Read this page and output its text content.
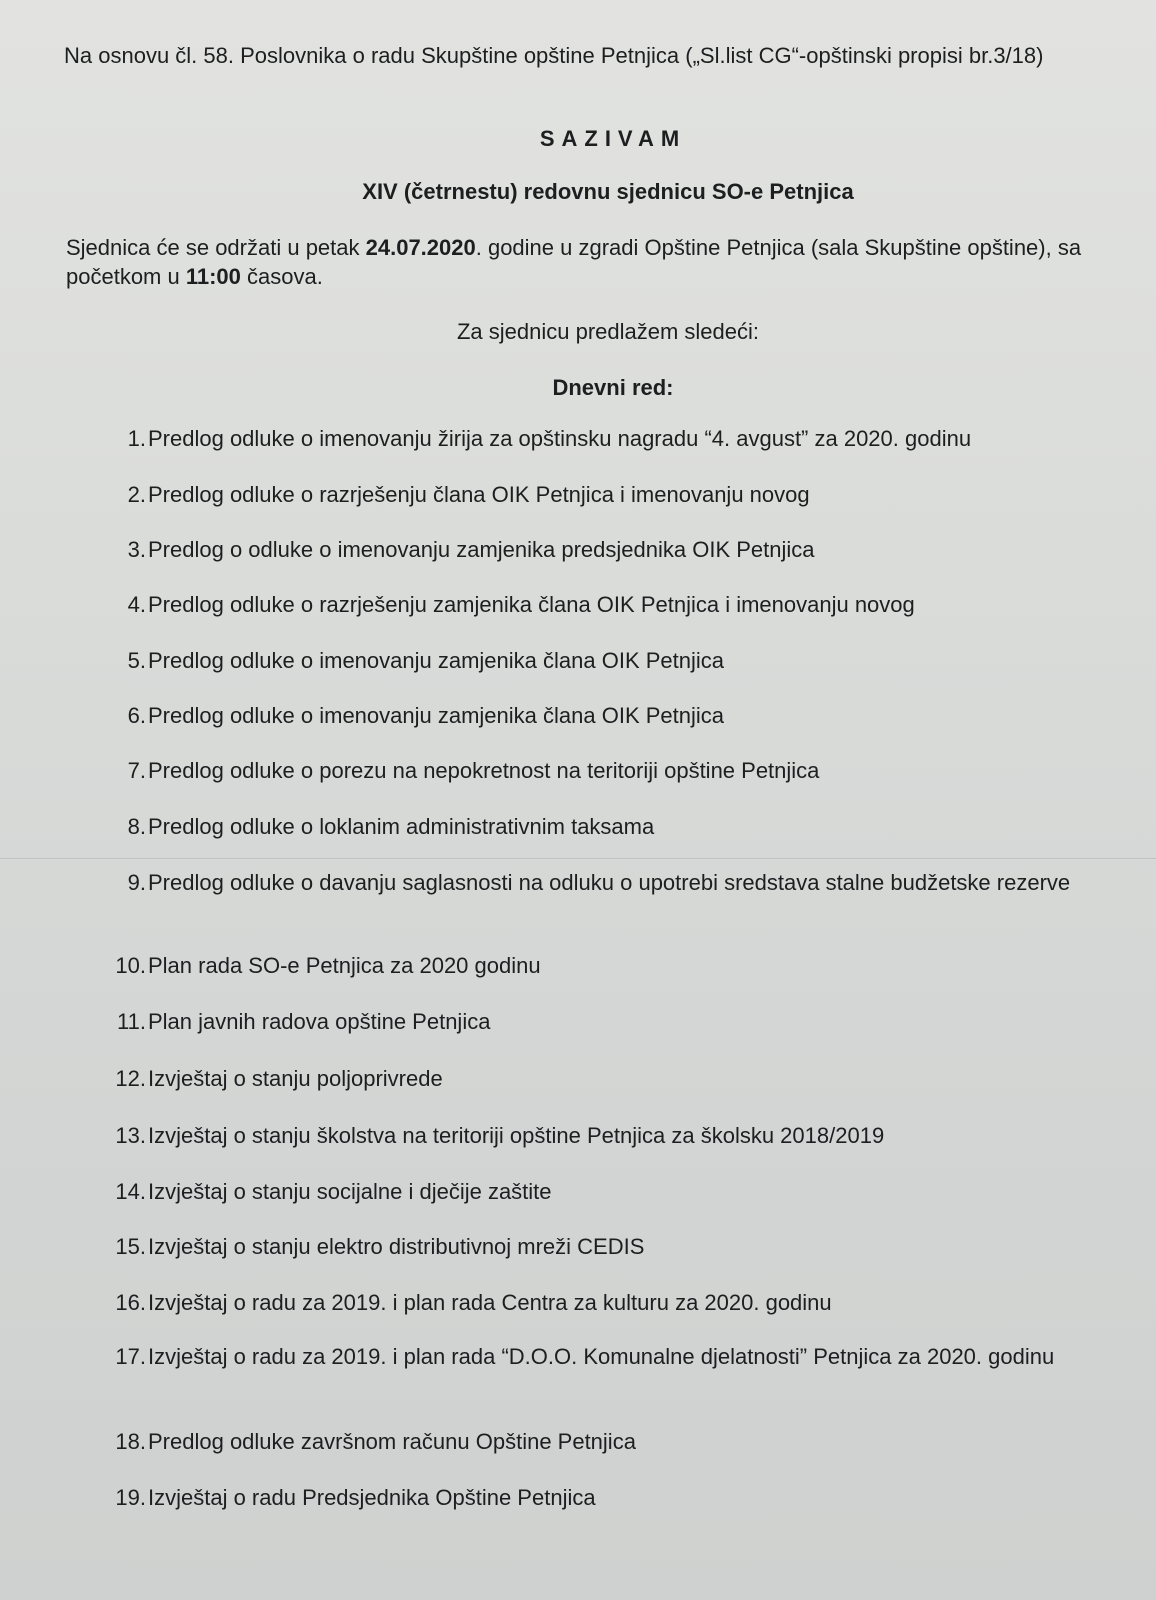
Na osnovu čl. 58. Poslovnika o radu Skupštine opštine Petnjica („Sl.list CG“-opštinski propisi br.3/18)
SAZIVAM
XIV (četrnestu) redovnu sjednicu SO-e Petnjica
Sjednica će se održati u petak 24.07.2020. godine u zgradi Opštine Petnjica (sala Skupštine opštine), sa početkom u 11:00 časova.
Za sjednicu predlažem sledeći:
Dnevni red:
1. Predlog odluke o imenovanju žirija za opštinsku nagradu “4. avgust” za 2020. godinu
2. Predlog odluke o razrješenju člana OIK Petnjica i imenovanju novog
3. Predlog o odluke o imenovanju zamjenika predsjednika OIK Petnjica
4. Predlog odluke o razrješenju zamjenika člana OIK Petnjica i imenovanju novog
5. Predlog odluke o imenovanju zamjenika člana OIK Petnjica
6. Predlog odluke o imenovanju zamjenika člana OIK Petnjica
7. Predlog odluke o porezu na nepokretnost na teritoriji opštine Petnjica
8. Predlog odluke o loklanim administrativnim taksama
9. Predlog odluke o davanju saglasnosti na odluku o upotrebi sredstava stalne budžetske rezerve
10. Plan rada SO-e Petnjica za 2020 godinu
11. Plan javnih radova opštine Petnjica
12. Izvještaj o stanju poljoprivrede
13. Izvještaj o stanju školstva na teritoriji opštine Petnjica za školsku 2018/2019
14. Izvještaj o stanju socijalne i dječije zaštite
15. Izvještaj o stanju elektro distributivnoj mreži CEDIS
16. Izvještaj o radu za 2019. i plan rada Centra za kulturu za 2020. godinu
17. Izvještaj o radu za 2019. i plan rada “D.O.O. Komunalne djelatnosti” Petnjica za 2020. godinu
18. Predlog odluke završnom računu Opštine Petnjica
19. Izvještaj o radu Predsjednika Opštine Petnjica
